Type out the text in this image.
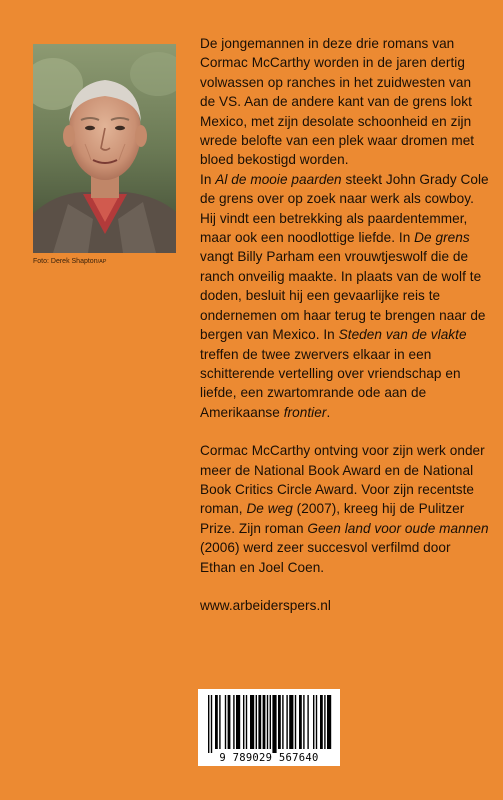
Foto: Derek Shapton/AP

De jongemannen in deze drie romans van Cormac McCarthy worden in de jaren dertig volwassen op ranches in het zuidwesten van de VS. Aan de andere kant van de grens lokt Mexico, met zijn desolate schoonheid en zijn wrede belofte van een plek waar dromen met bloed bekostigd worden.

In Al de mooie paarden steekt John Grady Cole de grens over op zoek naar werk als cowboy. Hij vindt een betrekking als paardentemmer, maar ook een noodlottige liefde. In De grens vangt Billy Parham een vrouwtjeswolf die de ranch onveilig maakte. In plaats van de wolf te doden, besluit hij een gevaarlijke reis te ondernemen om haar terug te brengen naar de bergen van Mexico. In Steden van de vlakte treffen de twee zwervers elkaar in een schitterende vertelling over vriendschap en liefde, een zwartomrande ode aan de Amerikaanse frontier.

Cormac McCarthy ontving voor zijn werk onder meer de National Book Award en de National Book Critics Circle Award. Voor zijn recentste roman, De weg (2007), kreeg hij de Pulitzer Prize. Zijn roman Geen land voor oude mannen (2006) werd zeer succesvol verfilmd door Ethan en Joel Coen.

www.arbeiderspers.nl

9 789029 567640
